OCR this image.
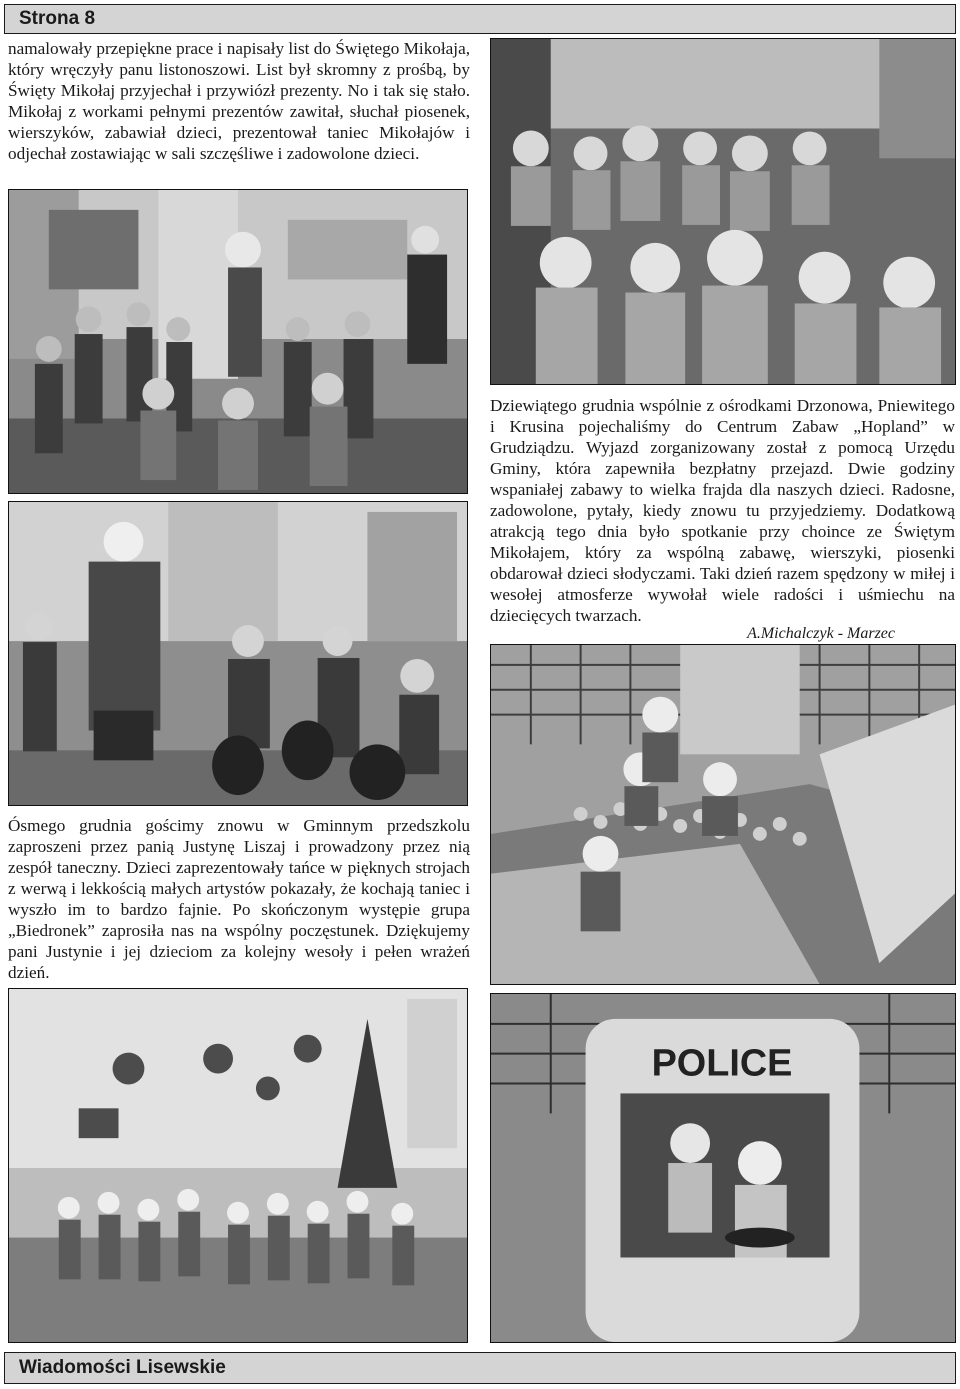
Strona 8
namalowały przepiękne prace i napisały list do Świętego Mikołaja, który wręczyły panu listonoszowi. List był skromny z prośbą, by Święty Mikołaj przyjechał i przywiózł prezenty. No i tak się stało. Mikołaj z workami pełnymi prezentów zawitał, słuchał piosenek, wierszyków, zabawiał dzieci, prezentował taniec Mikołajów i odjechał zostawiając w sali szczęśliwe i zadowolone dzieci.
Dziewiątego grudnia wspólnie z ośrodkami Drzonowa, Pniewitego i Krusina pojechaliśmy do Centrum Zabaw „Hopland” w Grudziądzu. Wyjazd zorganizowany został z pomocą Urzędu Gminy, która zapewniła bezpłatny przejazd. Dwie godziny wspaniałej zabawy to wielka frajda dla naszych dzieci. Radosne, zadowolone, pytały, kiedy znowu tu przyjedziemy. Dodatkową atrakcją tego dnia było spotkanie przy choince ze Świętym Mikołajem, który za wspólną zabawę, wierszyki, piosenki obdarował dzieci słodyczami. Taki dzień razem spędzony w miłej i wesołej atmosferze wywołał wiele radości i uśmiechu na dziecięcych twarzach.
A.Michalczyk - Marzec
Ósmego grudnia gościmy znowu w Gminnym przedszkolu zaproszeni przez panią Justynę Liszaj i prowadzony przez nią zespół taneczny. Dzieci zaprezentowały tańce w pięknych strojach z werwą i lekkością małych artystów pokazały, że kochają taniec i wyszło im to bardzo fajnie. Po skończonym występie grupa „Biedronek” zaprosiła nas na wspólny poczęstunek. Dziękujemy pani Justynie i jej dzieciom za kolejny wesoły i pełen wrażeń dzień.
POLICE
Wiadomości Lisewskie
